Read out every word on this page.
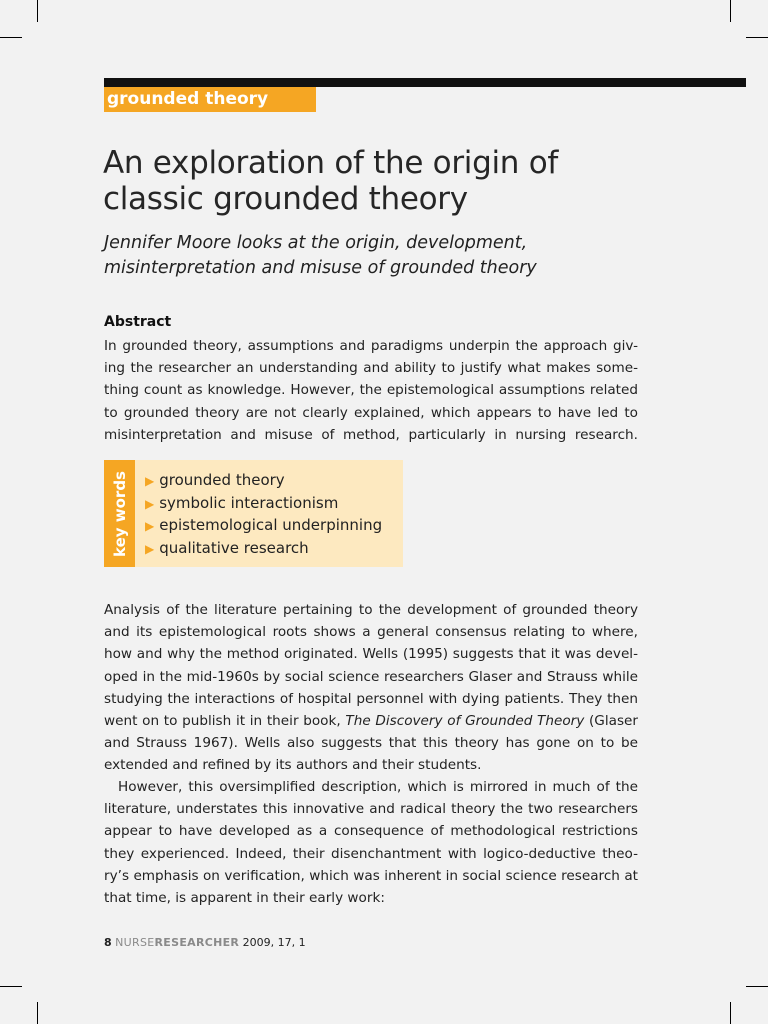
grounded theory
An exploration of the origin of
classic grounded theory
Jennifer Moore looks at the origin, development,
misinterpretation and misuse of grounded theory
Abstract
In grounded theory, assumptions and paradigms underpin the approach giv-
ing the researcher an understanding and ability to justify what makes some-
thing count as knowledge. However, the epistemological assumptions related
to grounded theory are not clearly explained, which appears to have led to
misinterpretation and misuse of method, particularly in nursing research.
key words ▶ grounded theory
▶ symbolic interactionism
▶ epistemological underpinning
▶ qualitative research
Analysis of the literature pertaining to the development of grounded theory
and its epistemological roots shows a general consensus relating to where,
how and why the method originated. Wells (1995) suggests that it was devel-
oped in the mid-1960s by social science researchers Glaser and Strauss while
studying the interactions of hospital personnel with dying patients. They then
went on to publish it in their book, The Discovery of Grounded Theory (Glaser
and Strauss 1967). Wells also suggests that this theory has gone on to be
extended and refined by its authors and their students.
However, this oversimplified description, which is mirrored in much of the
literature, understates this innovative and radical theory the two researchers
appear to have developed as a consequence of methodological restrictions
they experienced. Indeed, their disenchantment with logico-deductive theo-
ry’s emphasis on verification, which was inherent in social science research at
that time, is apparent in their early work:
8 NURSERESEARCHER 2009, 17, 1
